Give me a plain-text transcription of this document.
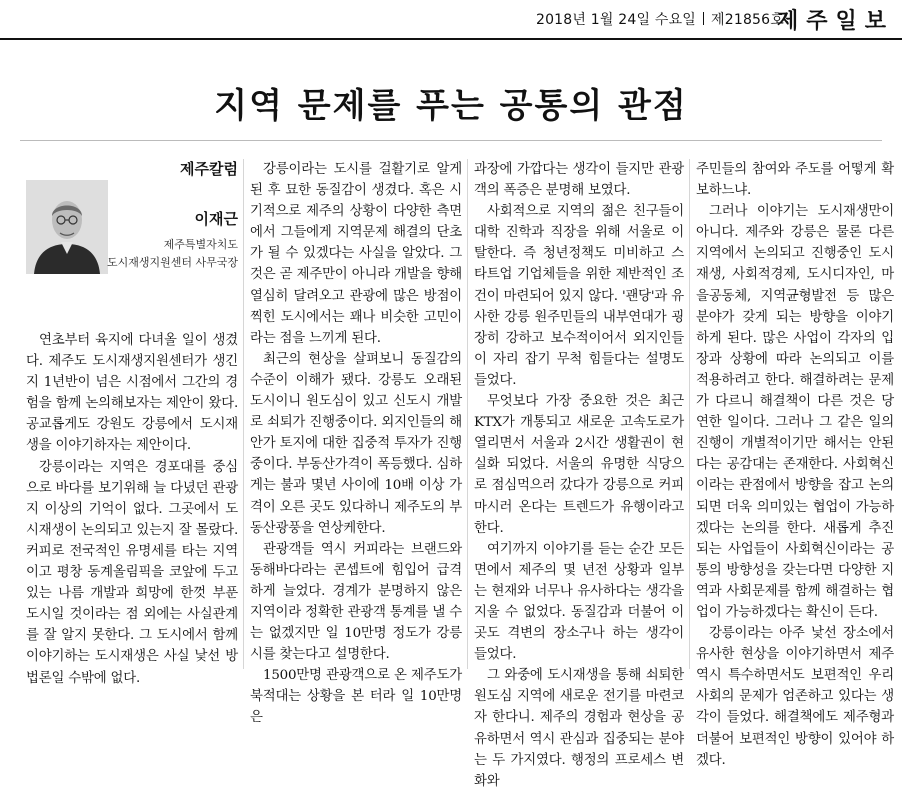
2018년 1월 24일 수요일 제21856호
제주일보
지역 문제를 푸는 공통의 관점
제주칼럼
이재근
제주특별자치도
도시재생지원센터 사무국장

연초부터 육지에 다녀올 일이 생겼다. 제주도 도시재생지원센터가 생긴 지 1년반이 넘은 시점에서 그간의 경험을 함께 논의해보자는 제안이 왔다. 공교롭게도 강원도 강릉에서 도시재생을 이야기하자는 제안이다.

강릉이라는 지역은 경포대를 중심으로 바다를 보기위해 늘 다녔던 관광지 이상의 기억이 없다. 그곳에서 도시재생이 논의되고 있는지 잘 몰랐다. 커피로 전국적인 유명세를 타는 지역이고 평창 동계올림픽을 코앞에 두고 있는 나름 개발과 희망에 한껏 부푼 도시일 것이라는 점 외에는 사실관계를 잘 알지 못한다. 그 도시에서 함께 이야기하는 도시재생은 사실 낯선 방법론일 수밖에 없다.

강릉이라는 도시를 걸활기로 알게 된 후 묘한 동질감이 생겼다. 혹은 시기적으로 제주의 상황이 다양한 측면에서 그들에게 지역문제 해결의 단초가 될 수 있겠다는 사실을 알았다. 그것은 곧 제주만이 아니라 개발을 향해 열심히 달려오고 관광에 많은 방점이 찍힌 도시에서는 꽤나 비슷한 고민이라는 점을 느끼게 된다.

최근의 현상을 살펴보니 동질감의 수준이 이해가 됐다. 강릉도 오래된 도시이니 원도심이 있고 신도시 개발로 쇠퇴가 진행중이다. 외지인들의 해안가 토지에 대한 집중적 투자가 진행중이다. 부동산가격이 폭등했다. 심하게는 불과 몇년 사이에 10배 이상 가격이 오른 곳도 있다하니 제주도의 부동산광풍을 연상케한다.

관광객들 역시 커피라는 브랜드와 동해바다라는 콘셉트에 힘입어 급격하게 늘었다. 경계가 분명하지 않은 지역이라 정확한 관광객 통계를 낼 수는 없겠지만 일 10만명 정도가 강릉시를 찾는다고 설명한다.

1500만명 관광객으로 온 제주도가 북적대는 상황을 본 터라 일 10만명은

과장에 가깝다는 생각이 들지만 관광객의 폭증은 분명해 보였다.

사회적으로 지역의 젊은 친구들이 대학 진학과 직장을 위해 서울로 이탈한다. 즉 청년정책도 미비하고 스타트업 기업체들을 위한 제반적인 조건이 마련되어 있지 않다. '괜당'과 유사한 강릉 원주민들의 내부연대가 굉장히 강하고 보수적이어서 외지인들이 자리 잡기 무척 힘들다는 설명도 들었다.

무엇보다 가장 중요한 것은 최근 KTX가 개통되고 새로운 고속도로가 열리면서 서울과 2시간 생활권이 현실화 되었다. 서울의 유명한 식당으로 점심먹으러 갔다가 강릉으로 커피 마시러 온다는 트렌드가 유행이라고 한다.

여기까지 이야기를 듣는 순간 모든 면에서 제주의 몇 년전 상황과 일부는 현재와 너무나 유사하다는 생각을 지울 수 없었다. 동질감과 더불어 이곳도 격변의 장소구나 하는 생각이 들었다.

그 와중에 도시재생을 통해 쇠퇴한 원도심 지역에 새로운 전기를 마련코자 한다니. 제주의 경험과 현상을 공유하면서 역시 관심과 집중되는 분야는 두 가지였다. 행정의 프로세스 변화와

주민들의 참여와 주도를 어떻게 확보하느냐.

그러나 이야기는 도시재생만이 아니다. 제주와 강릉은 물론 다른 지역에서 논의되고 진행중인 도시재생, 사회적경제, 도시디자인, 마을공동체, 지역균형발전 등 많은 분야가 갖게 되는 방향을 이야기 하게 된다. 많은 사업이 각자의 입장과 상황에 따라 논의되고 이를 적용하려고 한다. 해결하려는 문제가 다르니 해결책이 다른 것은 당연한 일이다. 그러나 그 같은 일의 진행이 개별적이기만 해서는 안된다는 공감대는 존재한다. 사회혁신이라는 관점에서 방향을 잡고 논의되면 더욱 의미있는 협업이 가능하겠다는 논의를 한다. 새롭게 추진되는 사업들이 사회혁신이라는 공통의 방향성을 갖는다면 다양한 지역과 사회문제를 함께 해결하는 협업이 가능하겠다는 확신이 든다.

강릉이라는 아주 낯선 장소에서 유사한 현상을 이야기하면서 제주 역시 특수하면서도 보편적인 우리 사회의 문제가 엄존하고 있다는 생각이 들었다. 해결책에도 제주형과 더불어 보편적인 방향이 있어야 하겠다.
